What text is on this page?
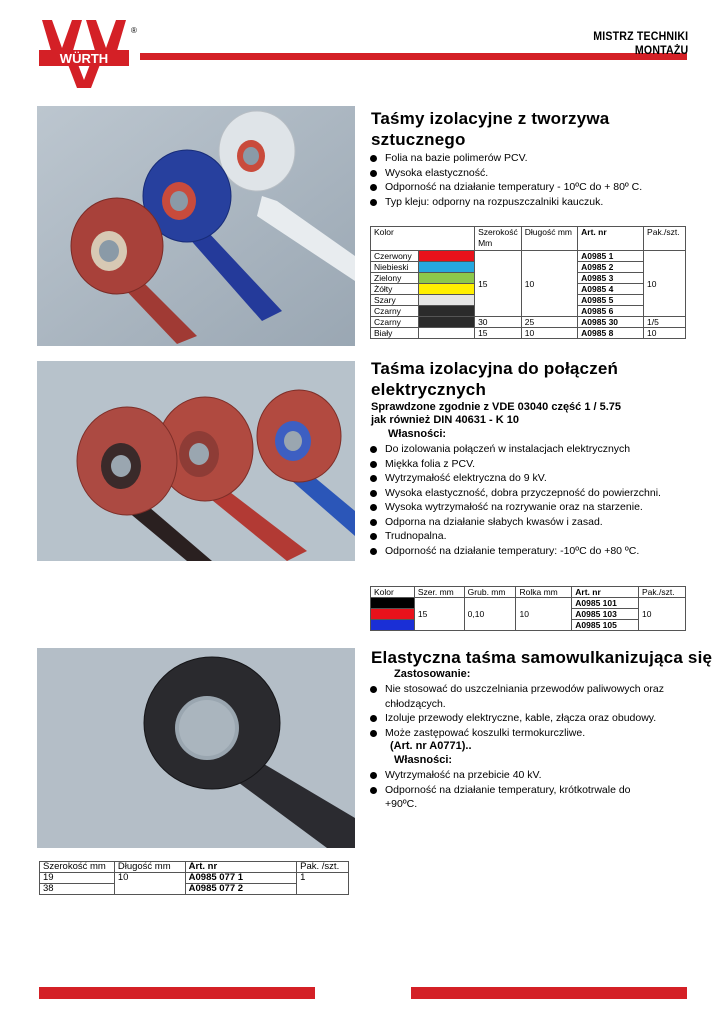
WÜRTH
®
MISTRZ TECHNIKI
MONTAŻU
Taśmy izolacyjne z tworzywa
sztucznego
Folia na bazie polimerów PCV.
Wysoka elastyczność.
Odporność na działanie temperatury - 10ºC do + 80º C.
Typ kleju: odporny na rozpuszczalniki kauczuk.
Kolor		Szerokość Mm	Długość mm	Art. nr	Pak./szt.
Czerwony		15	10	A0985 1	10
Niebieski				A0985 2	
Zielony				A0985 3	
Żółty				A0985 4	
Szary				A0985 5	
Czarny				A0985 6	
Czarny		30	25	A0985 30	1/5
Biały		15	10	A0985 8	10
Taśma izolacyjna do połączeń
elektrycznych
Sprawdzone zgodnie z VDE 03040 część 1 / 5.75
jak również DIN 40631 - K 10
Własności:
Do izolowania połączeń w instalacjach elektrycznych
Miękka folia z PCV.
Wytrzymałość elektryczna do 9 kV.
Wysoka elastyczność, dobra przyczepność do powierzchni.
Wysoka wytrzymałość na rozrywanie oraz na starzenie.
Odporna na działanie słabych kwasów i zasad.
Trudnopalna.
Odporność na działanie temperatury: -10ºC do +80 ºC.
Kolor	Szer. mm	Grub. mm	Rolka mm	Art. nr	Pak./szt.
	15	0,10	10	A0985 101	10
				A0985 103	
				A0985 105	
Elastyczna taśma samowulkanizująca się
Zastosowanie:
Nie stosować do uszczelniania przewodów paliwowych oraz chłodzących.
Izoluje przewody elektryczne, kable, złącza oraz obudowy.
Może zastępować koszulki termokurczliwe.
(Art. nr A0771)..
Własności:
Wytrzymałość na przebicie 40 kV.
Odporność na działanie temperatury, krótkotrwale do +90ºC.
Szerokość mm	Długość mm	Art. nr	Pak. /szt.
19	10	A0985 077 1	1
38		A0985 077 2	
